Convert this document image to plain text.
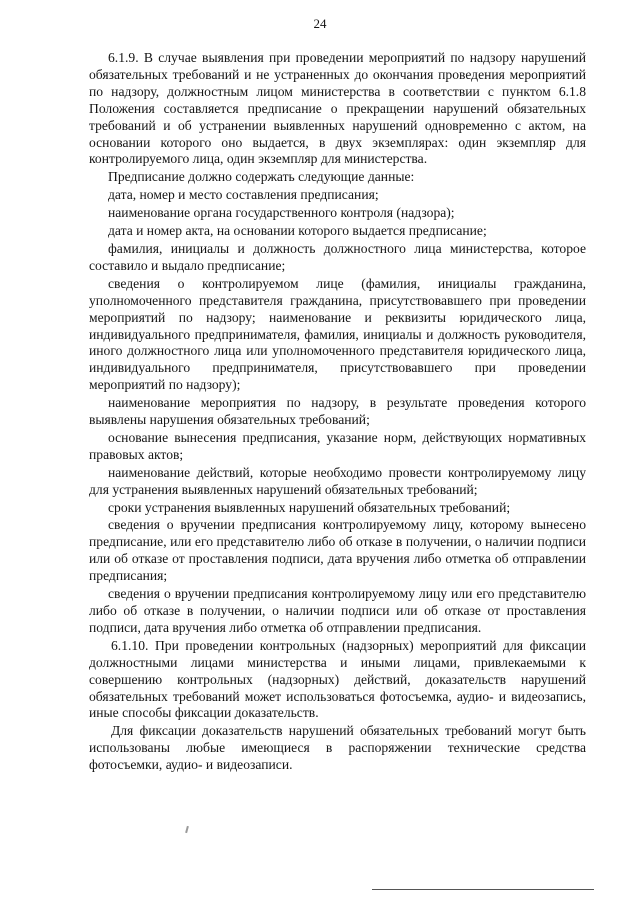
24

6.1.9. В случае выявления при проведении мероприятий по надзору нарушений обязательных требований и не устраненных до окончания проведения мероприятий по надзору, должностным лицом министерства в соответствии с пунктом 6.1.8 Положения составляется предписание о прекращении нарушений обязательных требований и об устранении выявленных нарушений одновременно с актом, на основании которого оно выдается, в двух экземплярах: один экземпляр для контролируемого лица, один экземпляр для министерства.

Предписание должно содержать следующие данные:

дата, номер и место составления предписания;

наименование органа государственного контроля (надзора);

дата и номер акта, на основании которого выдается предписание;

фамилия, инициалы и должность должностного лица министерства, которое составило и выдало предписание;

сведения о контролируемом лице (фамилия, инициалы гражданина, уполномоченного представителя гражданина, присутствовавшего при проведении мероприятий по надзору; наименование и реквизиты юридического лица, индивидуального предпринимателя, фамилия, инициалы и должность руководителя, иного должностного лица или уполномоченного представителя юридического лица, индивидуального предпринимателя, присутствовавшего при проведении мероприятий по надзору);

наименование мероприятия по надзору, в результате проведения которого выявлены нарушения обязательных требований;

основание вынесения предписания, указание норм, действующих нормативных правовых актов;

наименование действий, которые необходимо провести контролируемому лицу для устранения выявленных нарушений обязательных требований;

сроки устранения выявленных нарушений обязательных требований;

сведения о вручении предписания контролируемому лицу, которому вынесено предписание, или его представителю либо об отказе в получении, о наличии подписи или об отказе от проставления подписи, дата вручения либо отметка об отправлении предписания;

сведения о вручении предписания контролируемому лицу или его представителю либо об отказе в получении, о наличии подписи или об отказе от проставления подписи, дата вручения либо отметка об отправлении предписания.

6.1.10. При проведении контрольных (надзорных) мероприятий для фиксации должностными лицами министерства и иными лицами, привлекаемыми к совершению контрольных (надзорных) действий, доказательств нарушений обязательных требований может использоваться фотосъемка, аудио- и видеозапись, иные способы фиксации доказательств.

Для фиксации доказательств нарушений обязательных требований могут быть использованы любые имеющиеся в распоряжении технические средства фотосъемки, аудио- и видеозаписи.
